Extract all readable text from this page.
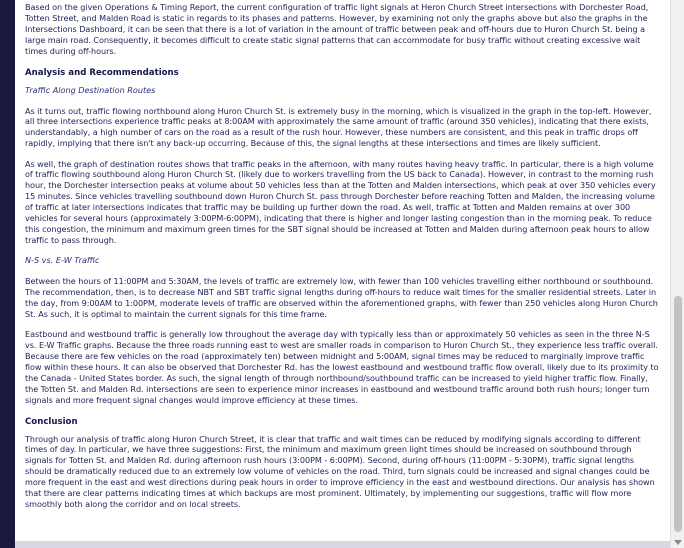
Based on the given Operations & Timing Report, the current configuration of traffic light signals at Heron Church Street intersections with Dorchester Road, Totten Street, and Malden Road is static in regards to its phases and patterns. However, by examining not only the graphs above but also the graphs in the Intersections Dashboard, it can be seen that there is a lot of variation in the amount of traffic between peak and off-hours due to Huron Church St. being a large main road. Consequently, it becomes difficult to create static signal patterns that can accommodate for busy traffic without creating excessive wait times during off-hours.

Analysis and Recommendations
Traffic Along Destination Routes

As it turns out, traffic flowing northbound along Huron Church St. is extremely busy in the morning, which is visualized in the graph in the top-left. However, all three intersections experience traffic peaks at 8:00AM with approximately the same amount of traffic (around 350 vehicles), indicating that there exists, understandably, a high number of cars on the road as a result of the rush hour. However, these numbers are consistent, and this peak in traffic drops off rapidly, implying that there isn't any back-up occurring. Because of this, the signal lengths at these intersections and times are likely sufficient.

As well, the graph of destination routes shows that traffic peaks in the afternoon, with many routes having heavy traffic. In particular, there is a high volume of traffic flowing southbound along Huron Church St. (likely due to workers travelling from the US back to Canada). However, in contrast to the morning rush hour, the Dorchester intersection peaks at volume about 50 vehicles less than at the Totten and Malden intersections, which peak at over 350 vehicles every 15 minutes. Since vehicles travelling southbound down Huron Church St. pass through Dorchester before reaching Totten and Malden, the increasing volume of traffic at later intersections indicates that traffic may be building up further down the road. As well, traffic at Totten and Malden remains at over 300 vehicles for several hours (approximately 3:00PM-6:00PM), indicating that there is higher and longer lasting congestion than in the morning peak. To reduce this congestion, the minimum and maximum green times for the SBT signal should be increased at Totten and Malden during afternoon peak hours to allow traffic to pass through.

N-S vs. E-W Traffic

Between the hours of 11:00PM and 5:30AM, the levels of traffic are extremely low, with fewer than 100 vehicles travelling either northbound or southbound. The recommendation, then, is to decrease NBT and SBT traffic signal lengths during off-hours to reduce wait times for the smaller residential streets. Later in the day, from 9:00AM to 1:00PM, moderate levels of traffic are observed within the aforementioned graphs, with fewer than 250 vehicles along Huron Church St. As such, it is optimal to maintain the current signals for this time frame.

Eastbound and westbound traffic is generally low throughout the average day with typically less than or approximately 50 vehicles as seen in the three N-S vs. E-W Traffic graphs. Because the three roads running east to west are smaller roads in comparison to Huron Church St., they experience less traffic overall. Because there are few vehicles on the road (approximately ten) between midnight and 5:00AM, signal times may be reduced to marginally improve traffic flow within these hours. It can also be observed that Dorchester Rd. has the lowest eastbound and westbound traffic flow overall, likely due to its proximity to the Canada - United States border. As such, the signal length of through northbound/southbound traffic can be increased to yield higher traffic flow. Finally, the Totten St. and Malden Rd. intersections are seen to experience minor increases in eastbound and westbound traffic around both rush hours; longer turn signals and more frequent signal changes would improve efficiency at these times.

Conclusion

Through our analysis of traffic along Huron Church Street, it is clear that traffic and wait times can be reduced by modifying signals according to different times of day. In particular, we have three suggestions: First, the minimum and maximum green light times should be increased on southbound through signals for Totten St. and Malden Rd. during afternoon rush hours (3:00PM - 6:00PM). Second, during off-hours (11:00PM - 5:30PM), traffic signal lengths should be dramatically reduced due to an extremely low volume of vehicles on the road. Third, turn signals could be increased and signal changes could be more frequent in the east and west directions during peak hours in order to improve efficiency in the east and westbound directions. Our analysis has shown that there are clear patterns indicating times at which backups are most prominent. Ultimately, by implementing our suggestions, traffic will flow more smoothly both along the corridor and on local streets.
